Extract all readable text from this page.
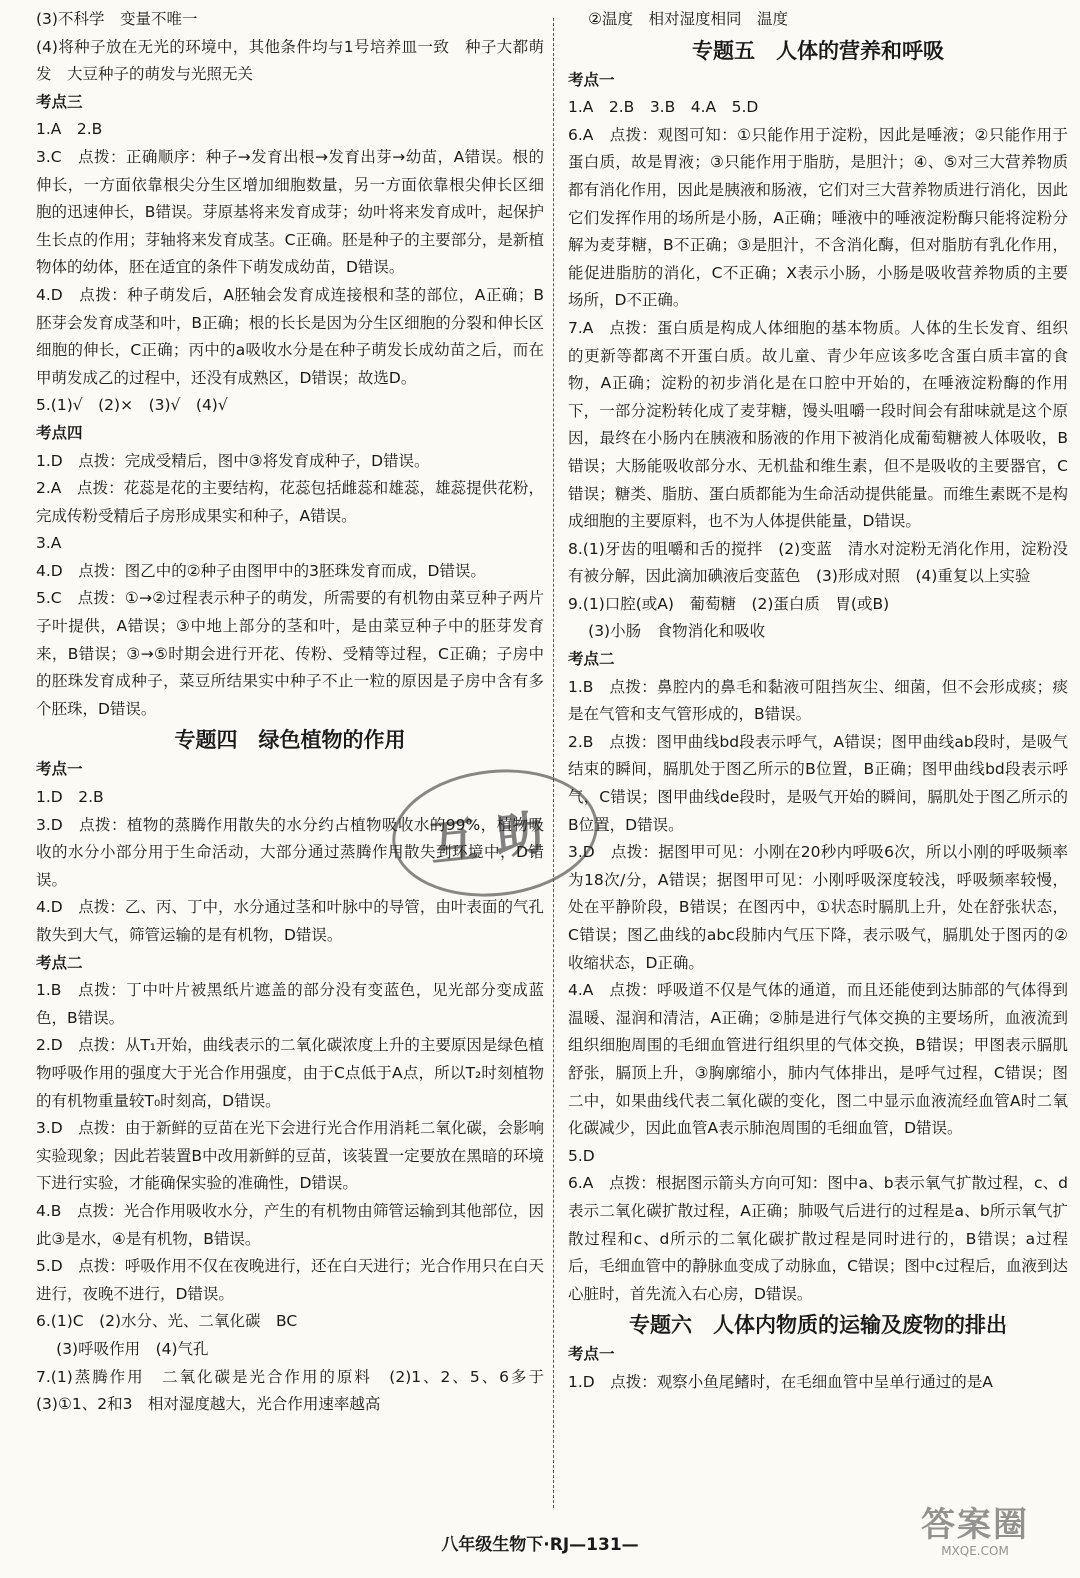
(3)不科学　变量不唯一
(4)将种子放在无光的环境中，其他条件均与1号培养皿一致　种子大都萌发　大豆种子的萌发与光照无关
考点三
1.A　2.B
3.C　点拨：正确顺序：种子→发育出根→发育出芽→幼苗，A错误。根的伸长，一方面依靠根尖分生区增加细胞数量，另一方面依靠根尖伸长区细胞的迅速伸长，B错误。芽原基将来发育成芽；幼叶将来发育成叶，起保护生长点的作用；芽轴将来发育成茎。C正确。胚是种子的主要部分，是新植物体的幼体，胚在适宜的条件下萌发成幼苗，D错误。
4.D　点拨：种子萌发后，A胚轴会发育成连接根和茎的部位，A正确；B胚芽会发育成茎和叶，B正确；根的长长是因为分生区细胞的分裂和伸长区细胞的伸长，C正确；丙中的a吸收水分是在种子萌发长成幼苗之后，而在甲萌发成乙的过程中，还没有成熟区，D错误；故选D。
5.(1)√　(2)×　(3)√　(4)√
考点四
1.D　点拨：完成受精后，图中③将发育成种子，D错误。
2.A　点拨：花蕊是花的主要结构，花蕊包括雌蕊和雄蕊，雄蕊提供花粉，完成传粉受精后子房形成果实和种子，A错误。
3.A
4.D　点拨：图乙中的②种子由图甲中的3胚珠发育而成，D错误。
5.C　点拨：①→②过程表示种子的萌发，所需要的有机物由菜豆种子两片子叶提供，A错误；③中地上部分的茎和叶，是由菜豆种子中的胚芽发育来，B错误；③→⑤时期会进行开花、传粉、受精等过程，C正确；子房中的胚珠发育成种子，菜豆所结果实中种子不止一粒的原因是子房中含有多个胚珠，D错误。
专题四　绿色植物的作用
考点一
1.D　2.B
3.D　点拨：植物的蒸腾作用散失的水分约占植物吸收水的99%，植物吸收的水分小部分用于生命活动，大部分通过蒸腾作用散失到环境中，D错误。
4.D　点拨：乙、丙、丁中，水分通过茎和叶脉中的导管，由叶表面的气孔散失到大气，筛管运输的是有机物，D错误。
考点二
1.B　点拨：丁中叶片被黑纸片遮盖的部分没有变蓝色，见光部分变成蓝色，B错误。
2.D　点拨：从T₁开始，曲线表示的二氧化碳浓度上升的主要原因是绿色植物呼吸作用的强度大于光合作用强度，由于C点低于A点，所以T₂时刻植物的有机物重量较T₀时刻高，D错误。
3.D　点拨：由于新鲜的豆苗在光下会进行光合作用消耗二氧化碳，会影响实验现象；因此若装置B中改用新鲜的豆苗，该装置一定要放在黑暗的环境下进行实验，才能确保实验的准确性，D错误。
4.B　点拨：光合作用吸收水分，产生的有机物由筛管运输到其他部位，因此③是水，④是有机物，B错误。
5.D　点拨：呼吸作用不仅在夜晚进行，还在白天进行；光合作用只在白天进行，夜晚不进行，D错误。
6.(1)C　(2)水分、光、二氧化碳　BC
(3)呼吸作用　(4)气孔
7.(1)蒸腾作用　二氧化碳是光合作用的原料　(2)1、2、5、6多于　(3)①1、2和3　相对湿度越大，光合作用速率越高
②温度　相对湿度相同　温度
专题五　人体的营养和呼吸
考点一
1.A　2.B　3.B　4.A　5.D
6.A　点拨：观图可知：①只能作用于淀粉，因此是唾液；②只能作用于蛋白质，故是胃液；③只能作用于脂肪，是胆汁；④、⑤对三大营养物质都有消化作用，因此是胰液和肠液，它们对三大营养物质进行消化，因此它们发挥作用的场所是小肠，A正确；唾液中的唾液淀粉酶只能将淀粉分解为麦芽糖，B不正确；③是胆汁，不含消化酶，但对脂肪有乳化作用，能促进脂肪的消化，C不正确；X表示小肠，小肠是吸收营养物质的主要场所，D不正确。
7.A　点拨：蛋白质是构成人体细胞的基本物质。人体的生长发育、组织的更新等都离不开蛋白质。故儿童、青少年应该多吃含蛋白质丰富的食物，A正确；淀粉的初步消化是在口腔中开始的，在唾液淀粉酶的作用下，一部分淀粉转化成了麦芽糖，馒头咀嚼一段时间会有甜味就是这个原因，最终在小肠内在胰液和肠液的作用下被消化成葡萄糖被人体吸收，B错误；大肠能吸收部分水、无机盐和维生素，但不是吸收的主要器官，C错误；糖类、脂肪、蛋白质都能为生命活动提供能量。而维生素既不是构成细胞的主要原料，也不为人体提供能量，D错误。
8.(1)牙齿的咀嚼和舌的搅拌　(2)变蓝　清水对淀粉无消化作用，淀粉没有被分解，因此滴加碘液后变蓝色　(3)形成对照　(4)重复以上实验
9.(1)口腔(或A)　葡萄糖　(2)蛋白质　胃(或B)
(3)小肠　食物消化和吸收
考点二
1.B　点拨：鼻腔内的鼻毛和黏液可阻挡灰尘、细菌，但不会形成痰；痰是在气管和支气管形成的，B错误。
2.B　点拨：图甲曲线bd段表示呼气，A错误；图甲曲线ab段时，是吸气结束的瞬间，膈肌处于图乙所示的B位置，B正确；图甲曲线bd段表示呼气，C错误；图甲曲线de段时，是吸气开始的瞬间，膈肌处于图乙所示的B位置，D错误。
3.D　点拨：据图甲可见：小刚在20秒内呼吸6次，所以小刚的呼吸频率为18次/分，A错误；据图甲可见：小刚呼吸深度较浅，呼吸频率较慢，处在平静阶段，B错误；在图丙中，①状态时膈肌上升，处在舒张状态，C错误；图乙曲线的abc段肺内气压下降，表示吸气，膈肌处于图丙的②收缩状态，D正确。
4.A　点拨：呼吸道不仅是气体的通道，而且还能使到达肺部的气体得到温暖、湿润和清洁，A正确；②肺是进行气体交换的主要场所，血液流到组织细胞周围的毛细血管进行组织里的气体交换，B错误；甲图表示膈肌舒张，膈顶上升，③胸廓缩小，肺内气体排出，是呼气过程，C错误；图二中，如果曲线代表二氧化碳的变化，图二中显示血液流经血管A时二氧化碳减少，因此血管A表示肺泡周围的毛细血管，D错误。
5.D
6.A　点拨：根据图示箭头方向可知：图中a、b表示氧气扩散过程，c、d表示二氧化碳扩散过程，A正确；肺吸气后进行的过程是a、b所示氧气扩散过程和c、d所示的二氧化碳扩散过程是同时进行的，B错误；a过程后，毛细血管中的静脉血变成了动脉血，C错误；图中c过程后，血液到达心脏时，首先流入右心房，D错误。
专题六　人体内物质的运输及废物的排出
考点一
1.D　点拨：观察小鱼尾鳍时，在毛细血管中呈单行通过的是A
互助
八年级生物下·RJ—131—	答案圈
MXQE.COM
